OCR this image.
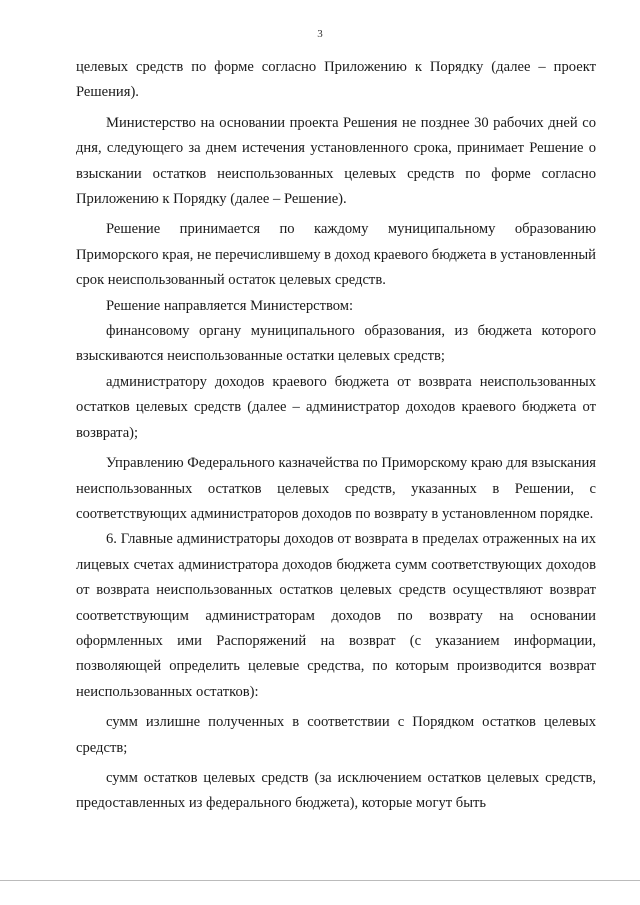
3

целевых средств по форме согласно Приложению к Порядку (далее – проект Решения).

Министерство на основании проекта Решения не позднее 30 рабочих дней со дня, следующего за днем истечения установленного срока, принимает Решение о взыскании остатков неиспользованных целевых средств по форме согласно Приложению к Порядку (далее – Решение).

Решение принимается по каждому муниципальному образованию Приморского края, не перечислившему в доход краевого бюджета в установленный срок неиспользованный остаток целевых средств.

Решение направляется Министерством:

финансовому органу муниципального образования, из бюджета которого взыскиваются неиспользованные остатки целевых средств;

администратору доходов краевого бюджета от возврата неиспользованных остатков целевых средств (далее – администратор доходов краевого бюджета от возврата);

Управлению Федерального казначейства по Приморскому краю для взыскания неиспользованных остатков целевых средств, указанных в Решении, с соответствующих администраторов доходов по возврату в установленном порядке.

6. Главные администраторы доходов от возврата в пределах отраженных на их лицевых счетах администратора доходов бюджета сумм соответствующих доходов от возврата неиспользованных остатков целевых средств осуществляют возврат соответствующим администраторам доходов по возврату на основании оформленных ими Распоряжений на возврат (с указанием информации, позволяющей определить целевые средства, по которым производится возврат неиспользованных остатков):

сумм излишне полученных в соответствии с Порядком остатков целевых средств;

сумм остатков целевых средств (за исключением остатков целевых средств, предоставленных из федерального бюджета), которые могут быть
